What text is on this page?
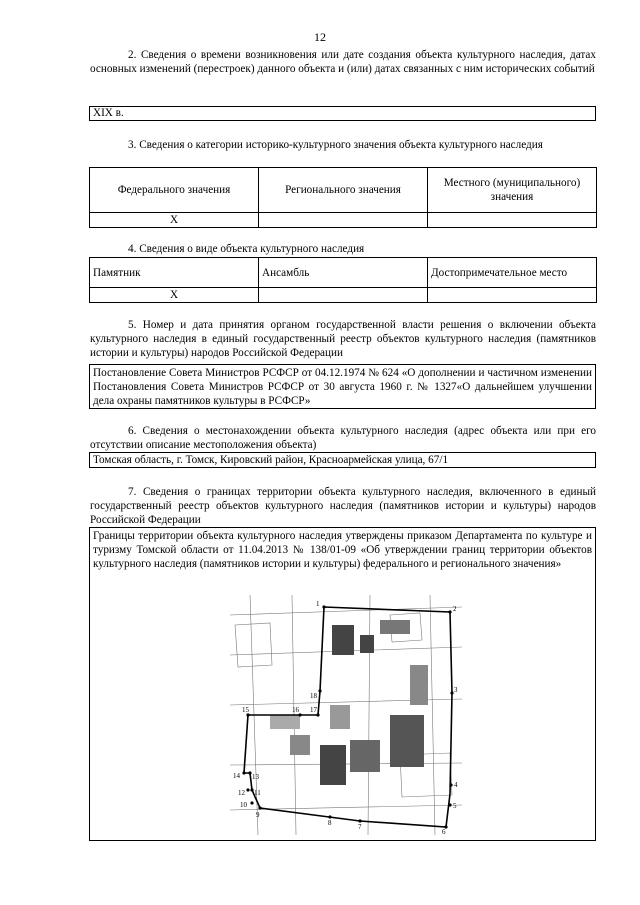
12
2. Сведения о времени возникновения или дате создания объекта культурного наследия, датах основных изменений (перестроек) данного объекта и (или) датах связанных с ним исторических событий
XIX в.
3. Сведения о категории историко-культурного значения объекта культурного наследия
Федерального значения	Регионального значения	Местного (муниципального) значения
Х		
4. Сведения о виде объекта культурного наследия
Памятник	Ансамбль	Достопримечательное место
Х		
5. Номер и дата принятия органом государственной власти решения о включении объекта культурного наследия в единый государственный реестр объектов культурного наследия (памятников истории и культуры) народов Российской Федерации
Постановление Совета Министров РСФСР от 04.12.1974 № 624 «О дополнении и частичном изменении Постановления Совета Министров РСФСР от 30 августа 1960 г. № 1327«О дальнейшем улучшении дела охраны памятников культуры в РСФСР»
6. Сведения о местонахождении объекта культурного наследия (адрес объекта или при его отсутствии описание местоположения объекта)
Томская область, г. Томск, Кировский район, Красноармейская улица, 67/1
7. Сведения о границах территории объекта культурного наследия, включенного в единый государственный реестр объектов культурного наследия (памятников истории и культуры) народов Российской Федерации
Границы территории объекта культурного наследия утверждены приказом Департамента по культуре и туризму Томской области от 11.04.2013 № 138/01-09 «Об утверждении границ территории объектов культурного наследия (памятников истории и культуры) федерального и регионального значения»
1
2
3
4
5
6
7
8
9
10
11
12
13
14
15	16 17
18
